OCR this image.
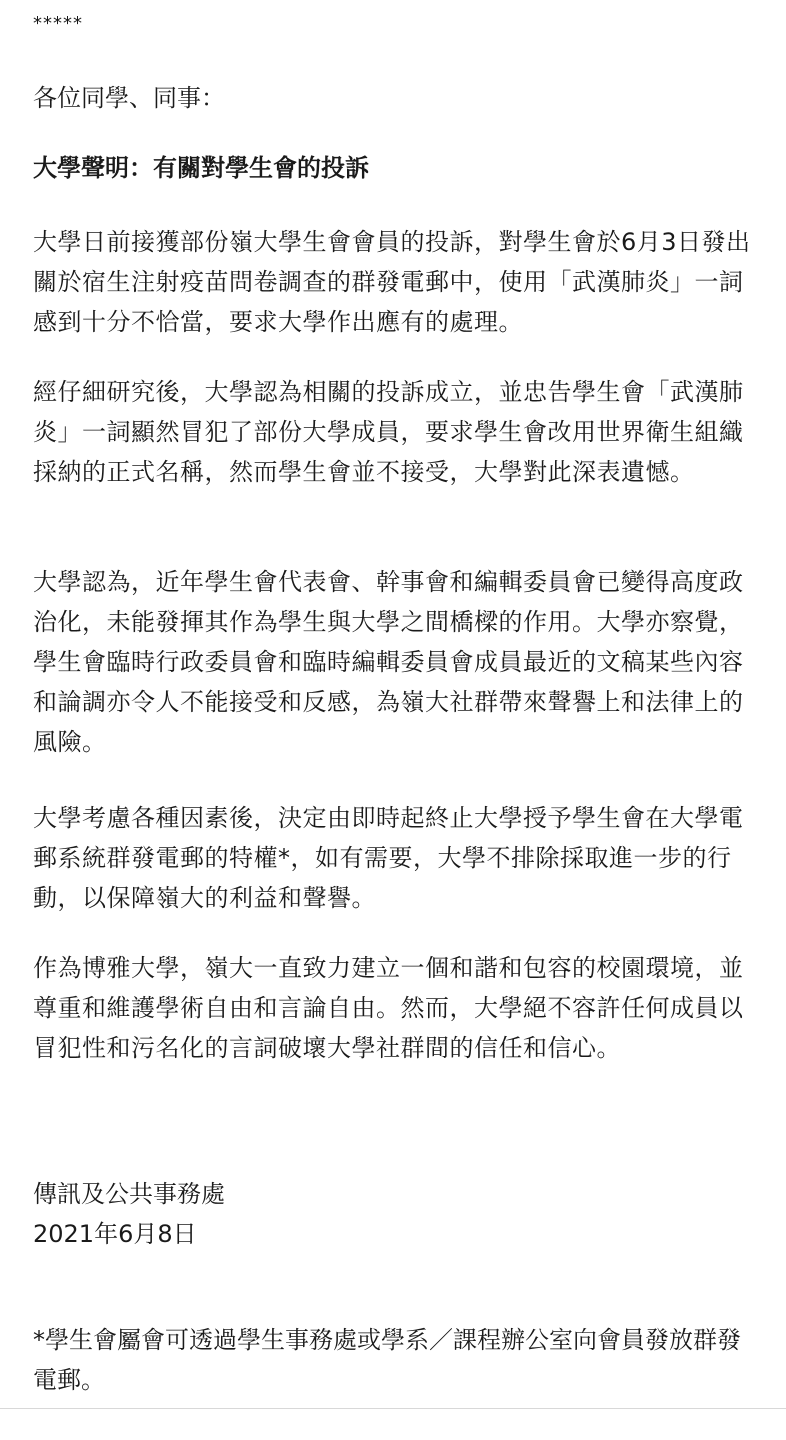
*****
各位同學、同事：
大學聲明：有關對學生會的投訴

大學日前接獲部份嶺大學生會會員的投訴，對學生會於6月3日發出關於宿生注射疫苗問卷調查的群發電郵中，使用「武漢肺炎」一詞感到十分不恰當，要求大學作出應有的處理。

經仔細研究後，大學認為相關的投訴成立，並忠告學生會「武漢肺炎」一詞顯然冒犯了部份大學成員，要求學生會改用世界衛生組織採納的正式名稱，然而學生會並不接受，大學對此深表遺憾。

大學認為，近年學生會代表會、幹事會和編輯委員會已變得高度政治化，未能發揮其作為學生與大學之間橋樑的作用。大學亦察覺，學生會臨時行政委員會和臨時編輯委員會成員最近的文稿某些內容和論調亦令人不能接受和反感，為嶺大社群帶來聲譽上和法律上的風險。

大學考慮各種因素後，決定由即時起終止大學授予學生會在大學電郵系統群發電郵的特權*，如有需要，大學不排除採取進一步的行動，以保障嶺大的利益和聲譽。

作為博雅大學，嶺大一直致力建立一個和諧和包容的校園環境，並尊重和維護學術自由和言論自由。然而，大學絕不容許任何成員以冒犯性和污名化的言詞破壞大學社群間的信任和信心。

傳訊及公共事務處
2021年6月8日

*學生會屬會可透過學生事務處或學系／課程辦公室向會員發放群發電郵。
